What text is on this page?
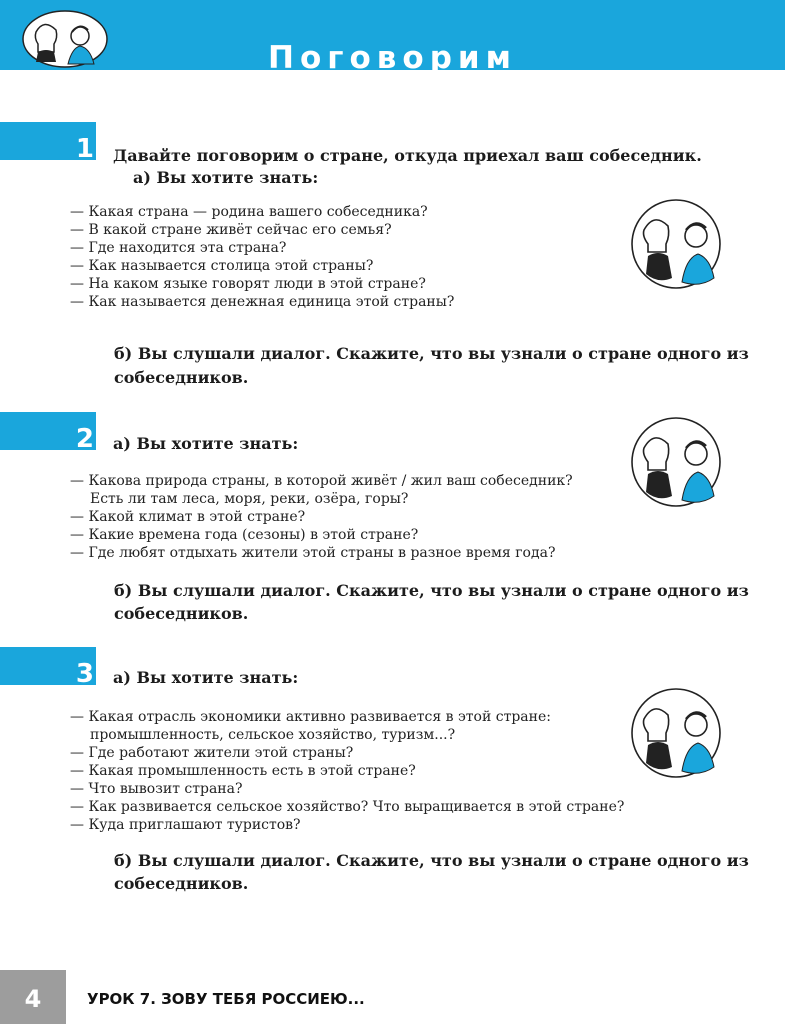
Поговорим
1 Давайте поговорим о стране, откуда приехал ваш собеседник.
а) Вы хотите знать:
— Какая страна — родина вашего собеседника?
— В какой стране живёт сейчас его семья?
— Где находится эта страна?
— Как называется столица этой страны?
— На каком языке говорят люди в этой стране?
— Как называется денежная единица этой страны?
б) Вы слушали диалог. Скажите, что вы узнали о стране одного из
собеседников.
2 а) Вы хотите знать:
— Какова природа страны, в которой живёт / жил ваш собеседник?
Есть ли там леса, моря, реки, озёра, горы?
— Какой климат в этой стране?
— Какие времена года (сезоны) в этой стране?
— Где любят отдыхать жители этой страны в разное время года?
б) Вы слушали диалог. Скажите, что вы узнали о стране одного из
собеседников.
3 а) Вы хотите знать:
— Какая отрасль экономики активно развивается в этой стране:
промышленность, сельское хозяйство, туризм...?
— Где работают жители этой страны?
— Какая промышленность есть в этой стране?
— Что вывозит страна?
— Как развивается сельское хозяйство? Что выращивается в этой стране?
— Куда приглашают туристов?
б) Вы слушали диалог. Скажите, что вы узнали о стране одного из
собеседников.
4	УРОК 7. ЗОВУ ТЕБЯ РОССИЕЮ...
